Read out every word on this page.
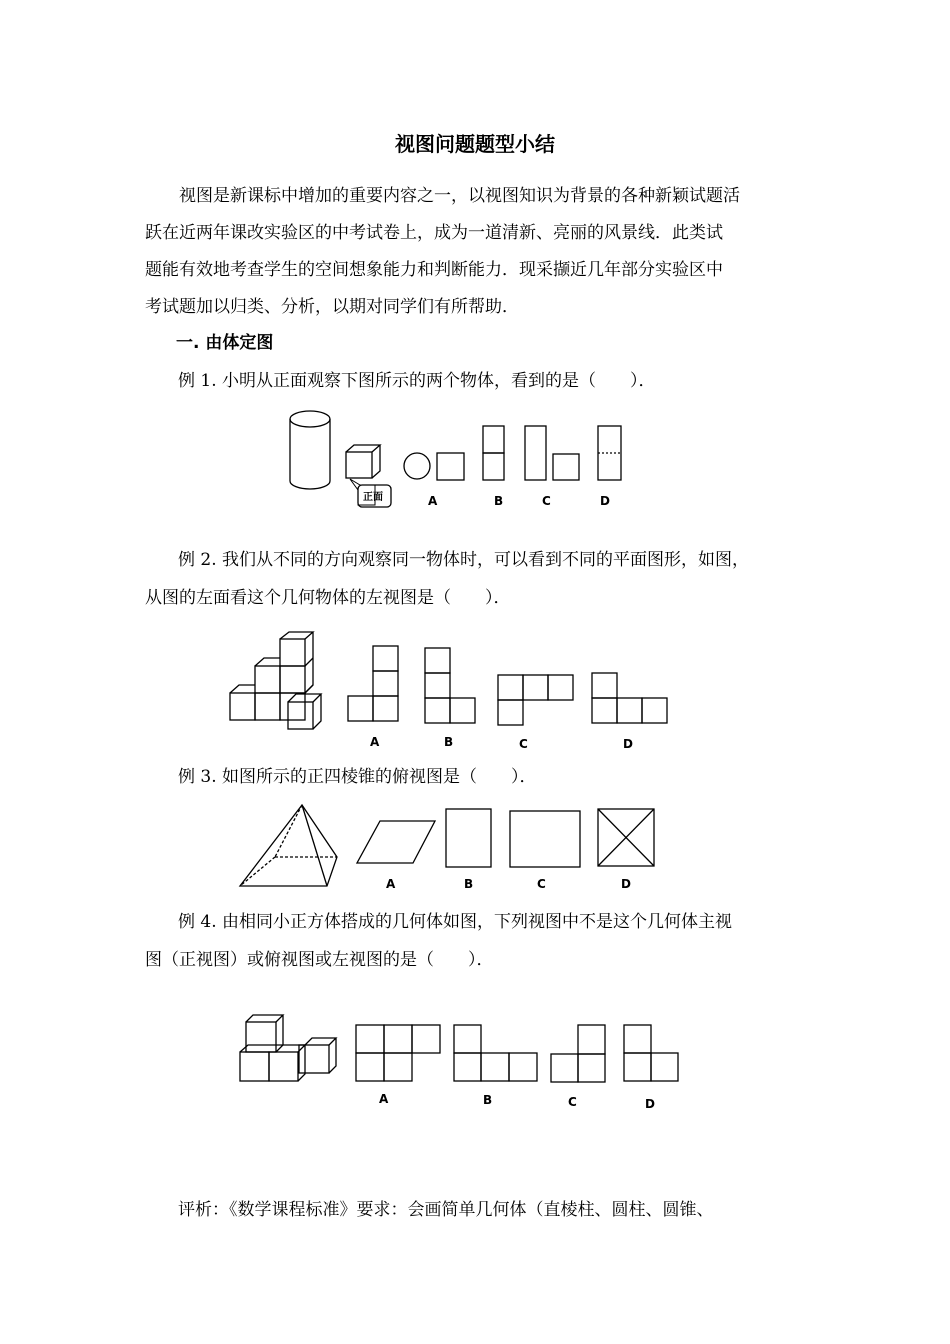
视图问题题型小结
视图是新课标中增加的重要内容之一，以视图知识为背景的各种新颖试题活
跃在近两年课改实验区的中考试卷上，成为一道清新、亮丽的风景线．此类试
题能有效地考查学生的空间想象能力和判断能力．现采撷近几年部分实验区中
考试题加以归类、分析，以期对同学们有所帮助．
一. 由体定图
例 1. 小明从正面观察下图所示的两个物体，看到的是（　　）．
正面	A	B	C	D
例 2. 我们从不同的方向观察同一物体时，可以看到不同的平面图形，如图，
从图的左面看这个几何物体的左视图是（　　）．
A	B	C	D
例 3. 如图所示的正四棱锥的俯视图是（　　）．
A	B	C	D
例 4. 由相同小正方体搭成的几何体如图，下列视图中不是这个几何体主视
A	B	C	D
图（正视图）或俯视图或左视图的是（　　）．
评析：《数学课程标准》要求：会画简单几何体（直棱柱、圆柱、圆锥、
